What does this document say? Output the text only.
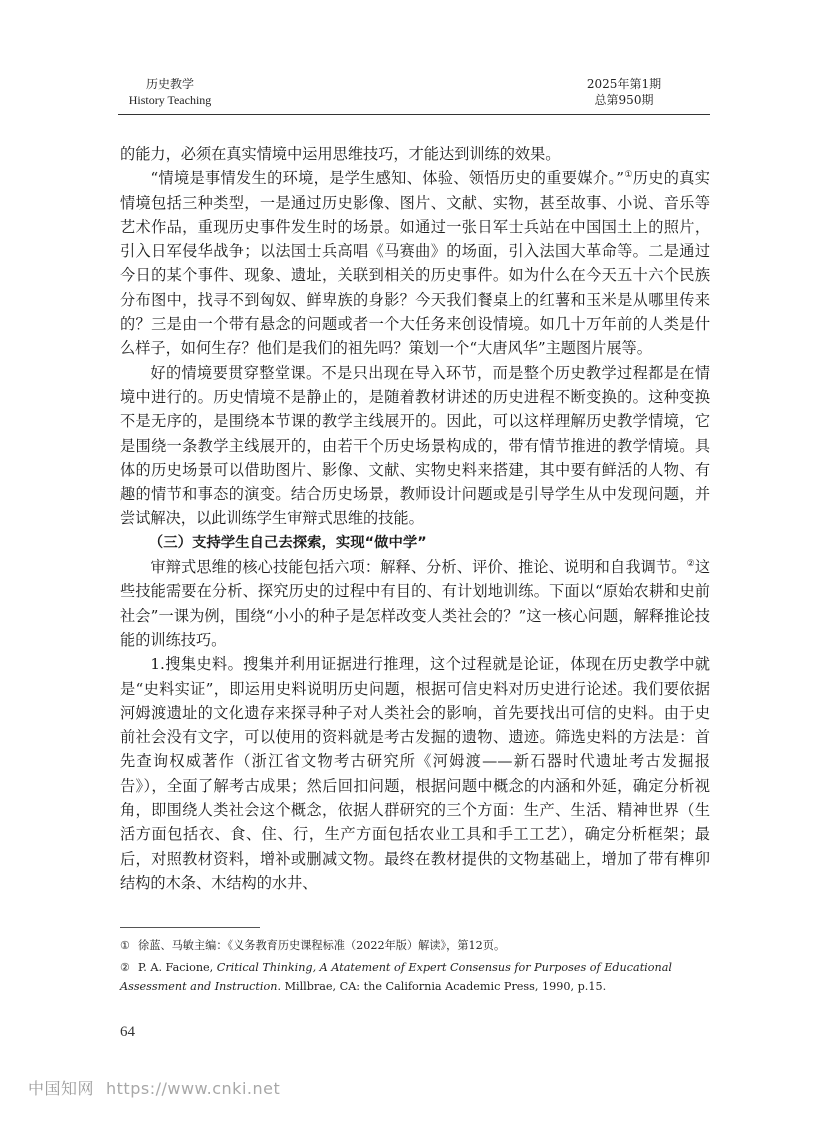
历史教学
History Teaching
2025年第1期
总第950期

的能力，必须在真实情境中运用思维技巧，才能达到训练的效果。

“情境是事情发生的环境，是学生感知、体验、领悟历史的重要媒介。”①历史的真实情境包括三种类型，一是通过历史影像、图片、文献、实物，甚至故事、小说、音乐等艺术作品，重现历史事件发生时的场景。如通过一张日军士兵站在中国国土上的照片，引入日军侵华战争；以法国士兵高唱《马赛曲》的场面，引入法国大革命等。二是通过今日的某个事件、现象、遗址，关联到相关的历史事件。如为什么在今天五十六个民族分布图中，找寻不到匈奴、鲜卑族的身影？今天我们餐桌上的红薯和玉米是从哪里传来的？三是由一个带有悬念的问题或者一个大任务来创设情境。如几十万年前的人类是什么样子，如何生存？他们是我们的祖先吗？策划一个“大唐风华”主题图片展等。

好的情境要贯穿整堂课。不是只出现在导入环节，而是整个历史教学过程都是在情境中进行的。历史情境不是静止的，是随着教材讲述的历史进程不断变换的。这种变换不是无序的，是围绕本节课的教学主线展开的。因此，可以这样理解历史教学情境，它是围绕一条教学主线展开的，由若干个历史场景构成的，带有情节推进的教学情境。具体的历史场景可以借助图片、影像、文献、实物史料来搭建，其中要有鲜活的人物、有趣的情节和事态的演变。结合历史场景，教师设计问题或是引导学生从中发现问题，并尝试解决，以此训练学生审辩式思维的技能。

（三）支持学生自己去探索，实现“做中学”

审辩式思维的核心技能包括六项：解释、分析、评价、推论、说明和自我调节。②这些技能需要在分析、探究历史的过程中有目的、有计划地训练。下面以“原始农耕和史前社会”一课为例，围绕“小小的种子是怎样改变人类社会的？”这一核心问题，解释推论技能的训练技巧。

1.搜集史料。搜集并利用证据进行推理，这个过程就是论证，体现在历史教学中就是“史料实证”，即运用史料说明历史问题，根据可信史料对历史进行论述。我们要依据河姆渡遗址的文化遗存来探寻种子对人类社会的影响，首先要找出可信的史料。由于史前社会没有文字，可以使用的资料就是考古发掘的遗物、遗迹。筛选史料的方法是：首先查询权威著作（浙江省文物考古研究所《河姆渡——新石器时代遗址考古发掘报告》），全面了解考古成果；然后回扣问题，根据问题中概念的内涵和外延，确定分析视角，即围绕人类社会这个概念，依据人群研究的三个方面：生产、生活、精神世界（生活方面包括衣、食、住、行，生产方面包括农业工具和手工工艺），确定分析框架；最后，对照教材资料，增补或删减文物。最终在教材提供的文物基础上，增加了带有榫卯结构的木条、木结构的水井、

① 徐蓝、马敏主编：《义务教育历史课程标准（2022年版）解读》，第12页。
② P. A. Facione, Critical Thinking, A Atatement of Expert Consensus for Purposes of Educational Assessment and Instruction. Millbrae, CA: the California Academic Press, 1990, p.15.
64
中国知网 https://www.cnki.net
